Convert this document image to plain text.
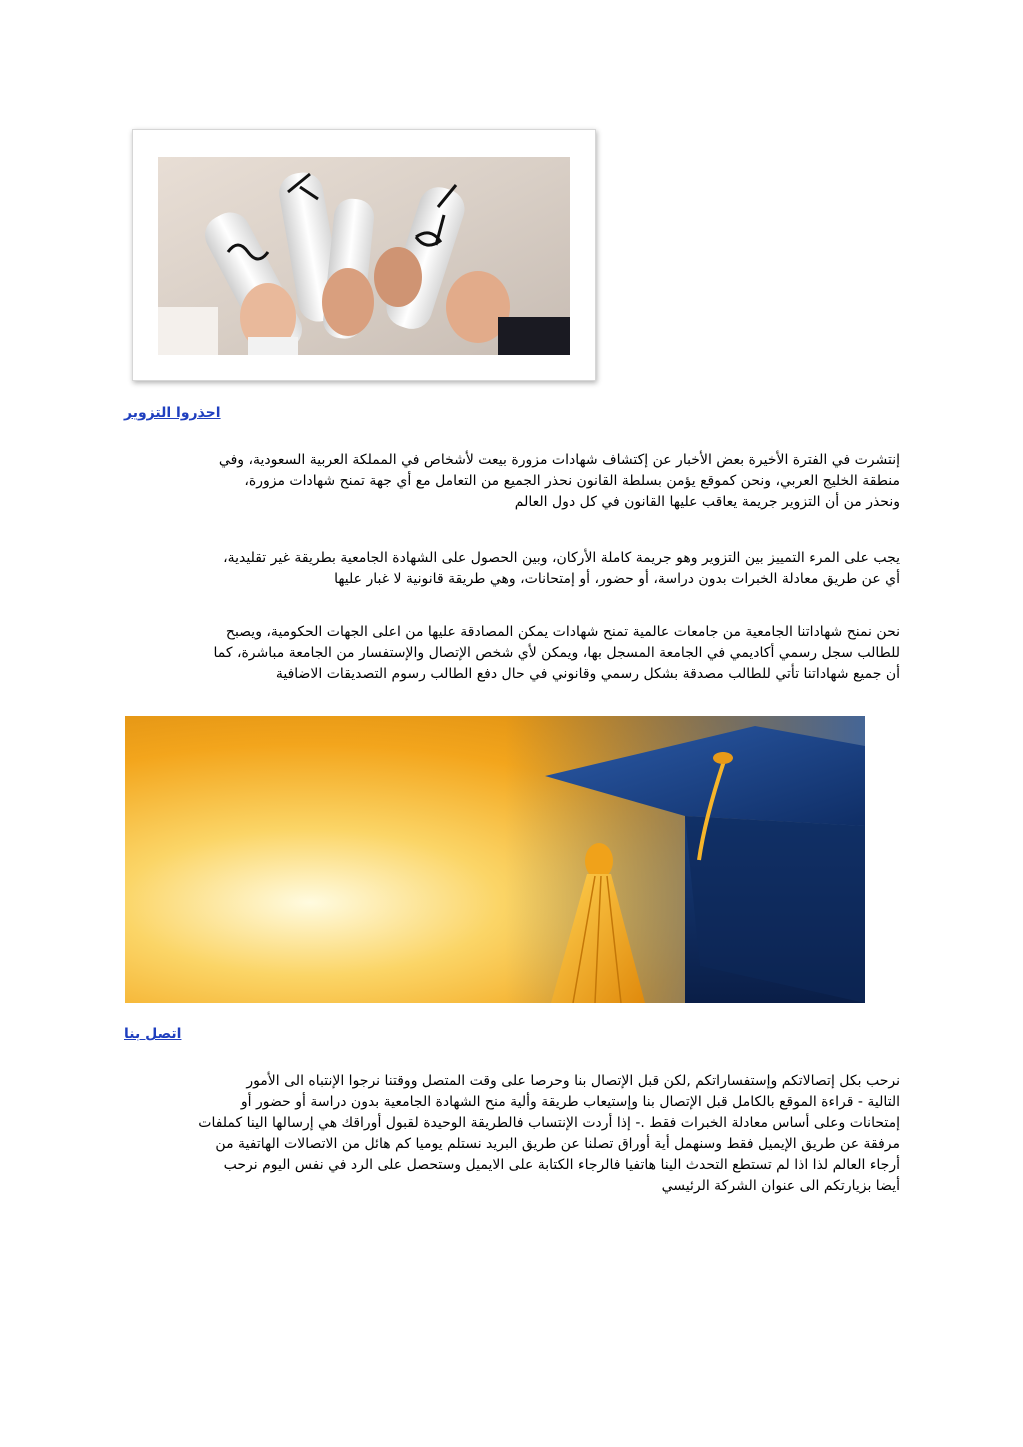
احذروا التزوير

إنتشرت في الفترة الأخيرة بعض الأخبار عن إكتشاف شهادات مزورة بيعت لأشخاص في المملكة العربية السعودية، وفي

منطقة الخليج العربي، ونحن كموقع يؤمن بسلطة القانون نحذر الجميع من التعامل مع أي جهة تمنح شهادات مزورة،

ونحذر من أن التزوير جريمة يعاقب عليها القانون في كل دول العالم

يجب على المرء التمييز بين التزوير وهو جريمة كاملة الأركان، وبين الحصول على الشهادة الجامعية بطريقة غير تقليدية،

أي عن طريق معادلة الخبرات بدون دراسة، أو حضور، أو إمتحانات، وهي طريقة قانونية لا غبار عليها

نحن نمنح شهاداتنا الجامعية من جامعات عالمية تمنح شهادات يمكن المصادقة عليها من اعلى الجهات الحكومية، ويصبح

للطالب سجل رسمي أكاديمي في الجامعة المسجل بها، ويمكن لأي شخص الإتصال والإستفسار من الجامعة مباشرة، كما

أن جميع شهاداتنا تأتي للطالب مصدقة بشكل رسمي وقانوني في حال دفع الطالب رسوم التصديقات الاضافية

اتصل بنا

نرحب بكل إتصالاتكم وإستفساراتكم ,لكن قبل الإتصال بنا وحرصا على وقت المتصل ووقتنا نرجوا الإنتباه الى الأمور

التالية - قراءة الموقع بالكامل قبل الإتصال بنا وإستيعاب طريقة وألية منح الشهادة الجامعية بدون دراسة أو حضور أو

إمتحانات وعلى أساس معادلة الخبرات فقط .- إذا أردت الإنتساب فالطريقة الوحيدة لقبول أوراقك هي إرسالها الينا كملفات

مرفقة عن طريق الإيميل فقط وسنهمل أية أوراق تصلنا عن طريق البريد نستلم يوميا كم هائل من الاتصالات الهاتفية من

أرجاء العالم لذا اذا لم تستطع التحدث الينا هاتفيا فالرجاء الكتابة على الايميل وستحصل على الرد في نفس اليوم نرحب

أيضا بزيارتكم الى عنوان الشركة الرئيسي
